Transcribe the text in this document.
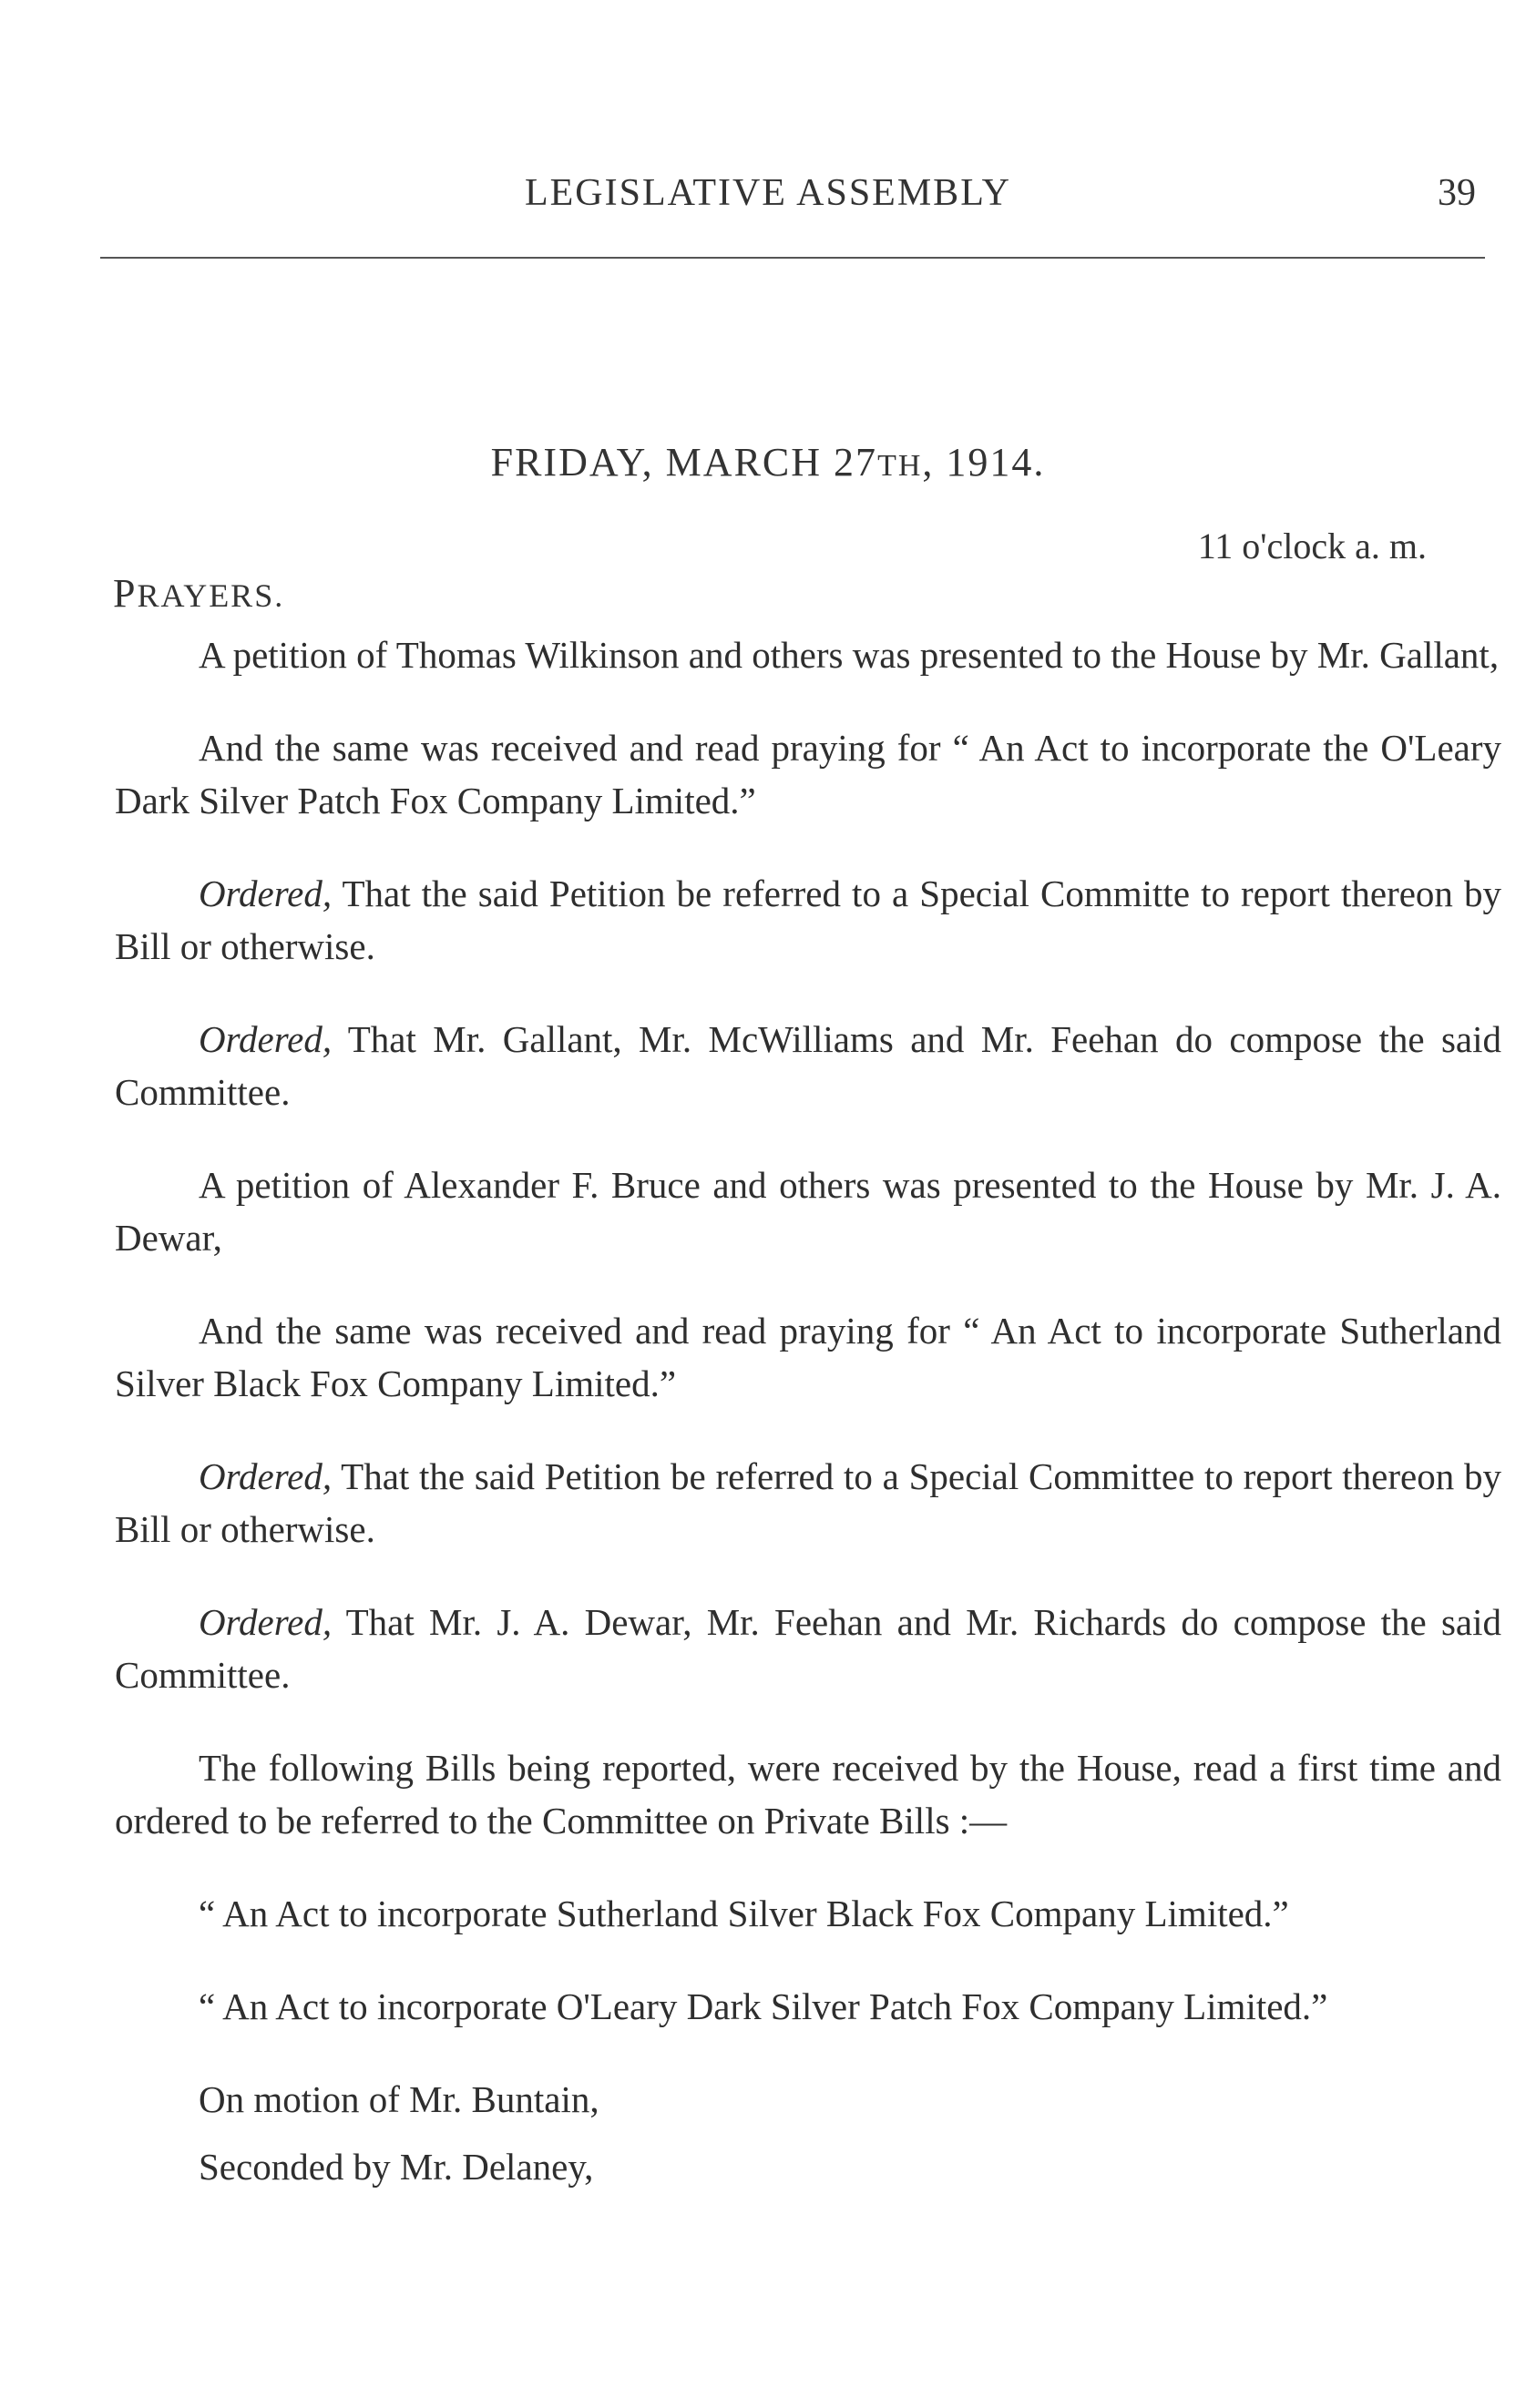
LEGISLATIVE ASSEMBLY	39
FRIDAY, MARCH 27TH, 1914.
11 o'clock a. m.
PRAYERS.

A petition of Thomas Wilkinson and others was presented to the House by Mr. Gallant,

And the same was received and read praying for “ An Act to incorporate the O'Leary Dark Silver Patch Fox Company Limited.”

Ordered, That the said Petition be referred to a Special Committe to report thereon by Bill or otherwise.

Ordered, That Mr. Gallant, Mr. McWilliams and Mr. Feehan do compose the said Committee.

A petition of Alexander F. Bruce and others was presented to the House by Mr. J. A. Dewar,

And the same was received and read praying for “ An Act to incorporate Sutherland Silver Black Fox Company Limited.”

Ordered, That the said Petition be referred to a Special Committee to report thereon by Bill or otherwise.

Ordered, That Mr. J. A. Dewar, Mr. Feehan and Mr. Richards do compose the said Committee.

The following Bills being reported, were received by the House, read a first time and ordered to be referred to the Committee on Private Bills :—

“ An Act to incorporate Sutherland Silver Black Fox Company Limited.”

“ An Act to incorporate O'Leary Dark Silver Patch Fox Company Limited.”

On motion of Mr. Buntain,

Seconded by Mr. Delaney,
